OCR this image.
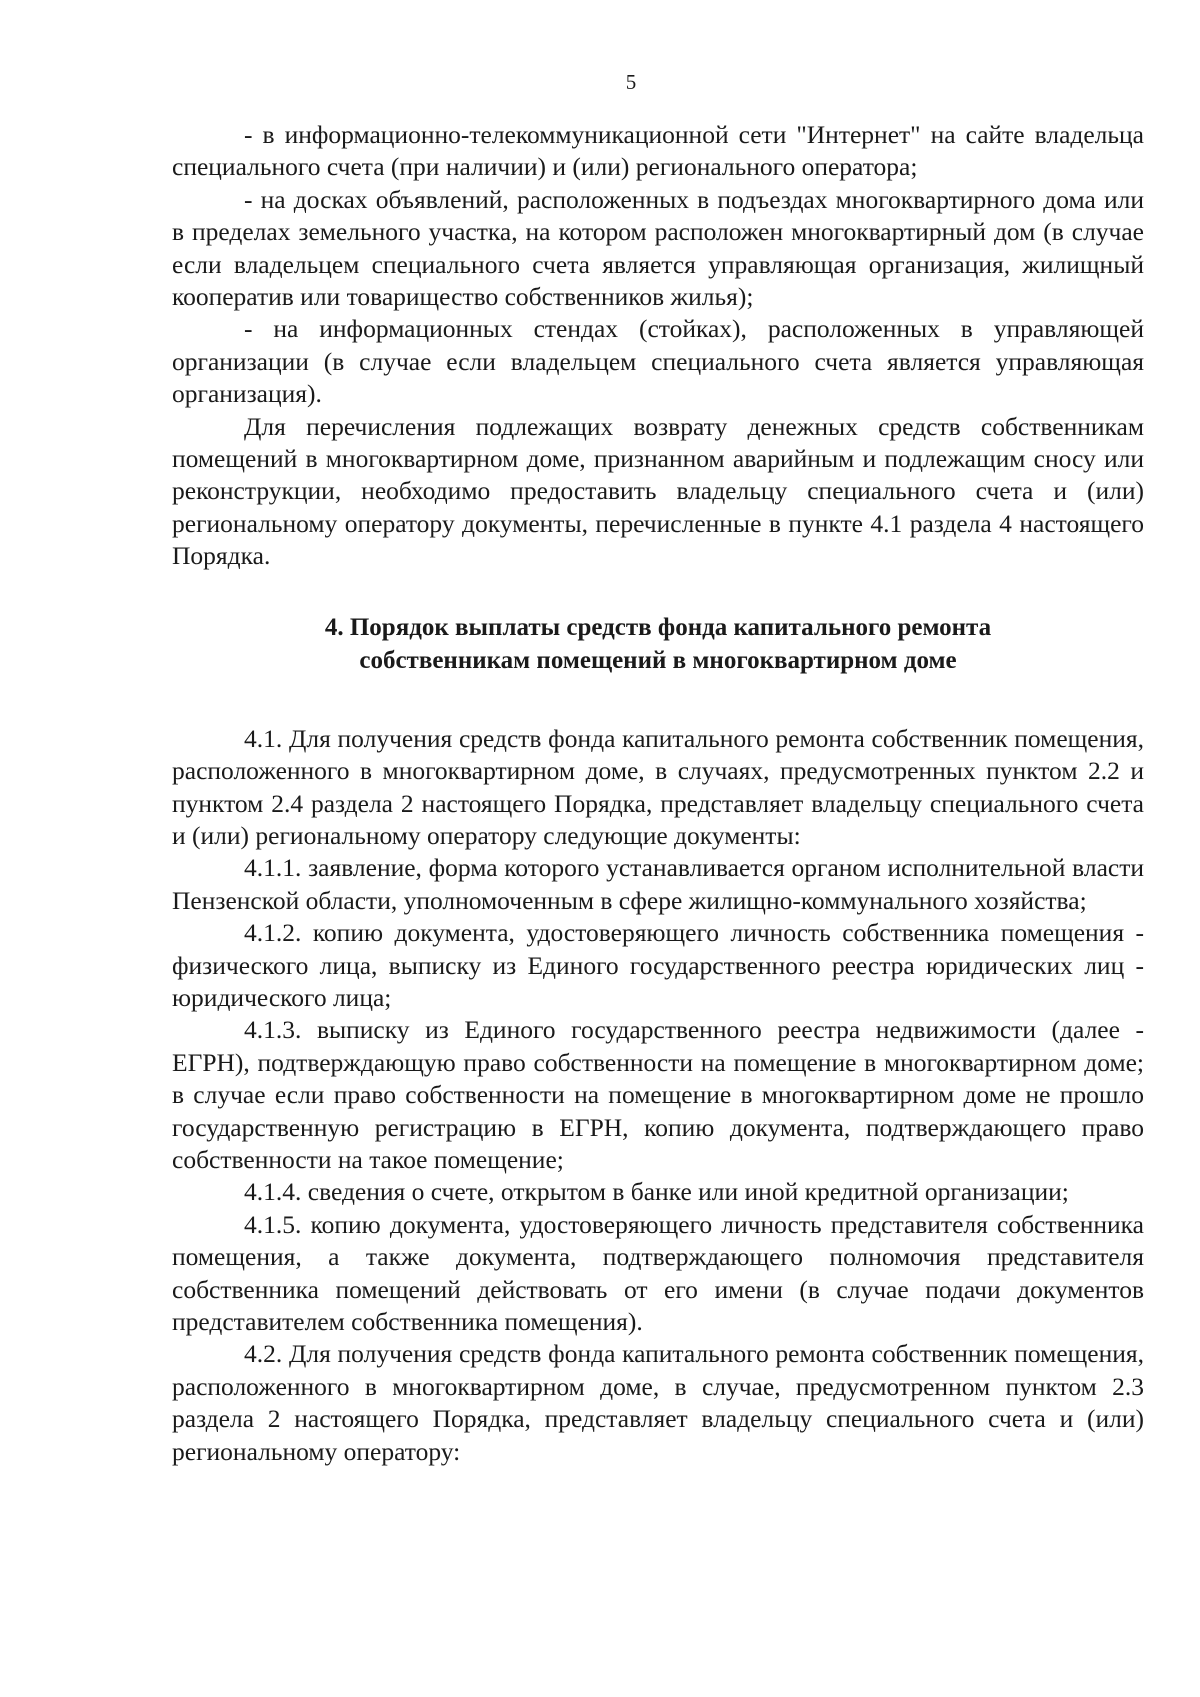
5

- в информационно-телекоммуникационной сети "Интернет" на сайте владельца специального счета (при наличии) и (или) регионального оператора;

- на досках объявлений, расположенных в подъездах многоквартирного дома или в пределах земельного участка, на котором расположен многоквартирный дом (в случае если владельцем специального счета является управляющая организация, жилищный кооператив или товарищество собственников жилья);

- на информационных стендах (стойках), расположенных в управляющей организации (в случае если владельцем специального счета является управляющая организация).

Для перечисления подлежащих возврату денежных средств собственникам помещений в многоквартирном доме, признанном аварийным и подлежащим сносу или реконструкции, необходимо предоставить владельцу специального счета и (или) региональному оператору документы, перечисленные в пункте 4.1 раздела 4 настоящего Порядка.

4. Порядок выплаты средств фонда капитального ремонта
собственникам помещений в многоквартирном доме

4.1. Для получения средств фонда капитального ремонта собственник помещения, расположенного в многоквартирном доме, в случаях, предусмотренных пунктом 2.2 и пунктом 2.4 раздела 2 настоящего Порядка, представляет владельцу специального счета и (или) региональному оператору следующие документы:

4.1.1. заявление, форма которого устанавливается органом исполнительной власти Пензенской области, уполномоченным в сфере жилищно-коммунального хозяйства;

4.1.2. копию документа, удостоверяющего личность собственника помещения - физического лица, выписку из Единого государственного реестра юридических лиц - юридического лица;

4.1.3. выписку из Единого государственного реестра недвижимости (далее - ЕГРН), подтверждающую право собственности на помещение в многоквартирном доме; в случае если право собственности на помещение в многоквартирном доме не прошло государственную регистрацию в ЕГРН, копию документа, подтверждающего право собственности на такое помещение;

4.1.4. сведения о счете, открытом в банке или иной кредитной организации;

4.1.5. копию документа, удостоверяющего личность представителя собственника помещения, а также документа, подтверждающего полномочия представителя собственника помещений действовать от его имени (в случае подачи документов представителем собственника помещения).

4.2. Для получения средств фонда капитального ремонта собственник помещения, расположенного в многоквартирном доме, в случае, предусмотренном пунктом 2.3 раздела 2 настоящего Порядка, представляет владельцу специального счета и (или) региональному оператору:
